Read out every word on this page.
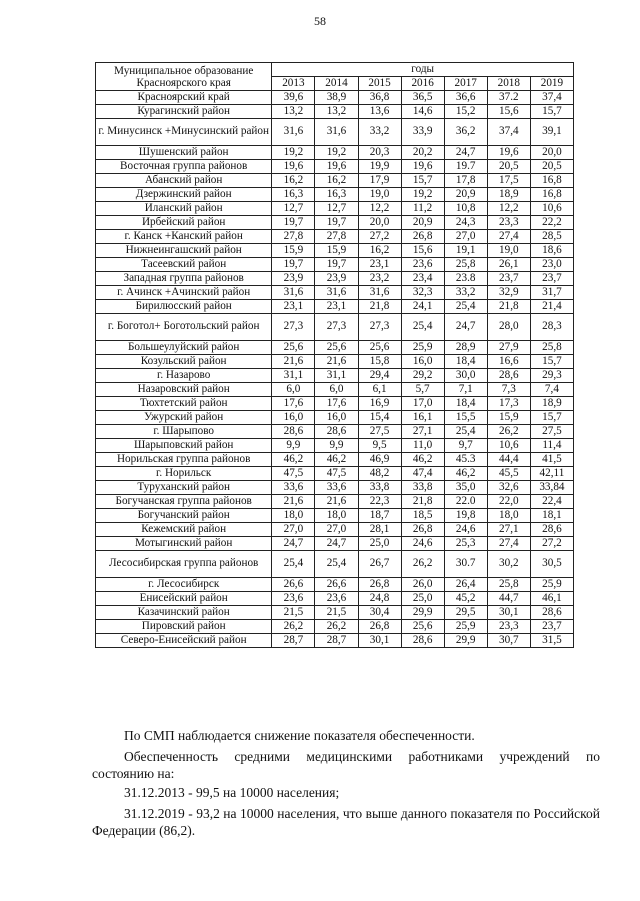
58
Муниципальное образование Красноярского края	годы						
	2013	2014	2015	2016	2017	2018	2019
Красноярский край	39,6	38,9	36,8	36,5	36,6	37.2	37,4
Курагинский район	13,2	13,2	13,6	14,6	15,2	15,6	15,7
г. Минусинск +Минусинский район	31,6	31,6	33,2	33,9	36,2	37,4	39,1
Шушенский район	19,2	19,2	20,3	20,2	24,7	19,6	20,0
Восточная группа районов	19,6	19,6	19,9	19,6	19.7	20,5	20,5
Абанский район	16,2	16,2	17,9	15,7	17,8	17,5	16,8
Дзержинский район	16,3	16,3	19,0	19,2	20,9	18,9	16,8
Иланский район	12,7	12,7	12,2	11,2	10,8	12,2	10,6
Ирбейский район	19,7	19,7	20,0	20,9	24,3	23,3	22,2
г. Канск +Канский район	27,8	27,8	27,2	26,8	27,0	27,4	28,5
Нижнеингашский район	15,9	15,9	16,2	15,6	19,1	19,0	18,6
Тасеевский район	19,7	19,7	23,1	23,6	25,8	26,1	23,0
Западная группа районов	23,9	23,9	23,2	23,4	23.8	23,7	23,7
г. Ачинск +Ачинский район	31,6	31,6	31,6	32,3	33,2	32,9	31,7
Бирилюсский район	23,1	23,1	21,8	24,1	25,4	21,8	21,4
г. Боготол+ Боготольский район	27,3	27,3	27,3	25,4	24,7	28,0	28,3
Большеулуйский район	25,6	25,6	25,6	25,9	28,9	27,9	25,8
Козульский район	21,6	21,6	15,8	16,0	18,4	16,6	15,7
г. Назарово	31,1	31,1	29,4	29,2	30,0	28,6	29,3
Назаровский район	6,0	6,0	6,1	5,7	7,1	7,3	7,4
Тюхтетский район	17,6	17,6	16,9	17,0	18,4	17,3	18,9
Ужурский район	16,0	16,0	15,4	16,1	15,5	15,9	15,7
г. Шарыпово	28,6	28,6	27,5	27,1	25,4	26,2	27,5
Шарыповский район	9,9	9,9	9,5	11,0	9,7	10,6	11,4
Норильская группа районов	46,2	46,2	46,9	46,2	45.3	44,4	41,5
г. Норильск	47,5	47,5	48,2	47,4	46,2	45,5	42,11
Туруханский район	33,6	33,6	33,8	33,8	35,0	32,6	33,84
Богучанская группа районов	21,6	21,6	22,3	21,8	22.0	22,0	22,4
Богучанский район	18,0	18,0	18,7	18,5	19,8	18,0	18,1
Кежемский район	27,0	27,0	28,1	26,8	24,6	27,1	28,6
Мотыгинский район	24,7	24,7	25,0	24,6	25,3	27,4	27,2
Лесосибирская группа районов	25,4	25,4	26,7	26,2	30.7	30,2	30,5
г. Лесосибирск	26,6	26,6	26,8	26,0	26,4	25,8	25,9
Енисейский район	23,6	23,6	24,8	25,0	45,2	44,7	46,1
Казачинский район	21,5	21,5	30,4	29,9	29,5	30,1	28,6
Пировский район	26,2	26,2	26,8	25,6	25,9	23,3	23,7
Северо-Енисейский район	28,7	28,7	30,1	28,6	29,9	30,7	31,5
По СМП наблюдается снижение показателя обеспеченности.
Обеспеченность средними медицинскими работниками учреждений по состоянию на:
31.12.2013 - 99,5 на 10000 населения;
31.12.2019 - 93,2 на 10000 населения, что выше данного показателя по Российской Федерации (86,2).
